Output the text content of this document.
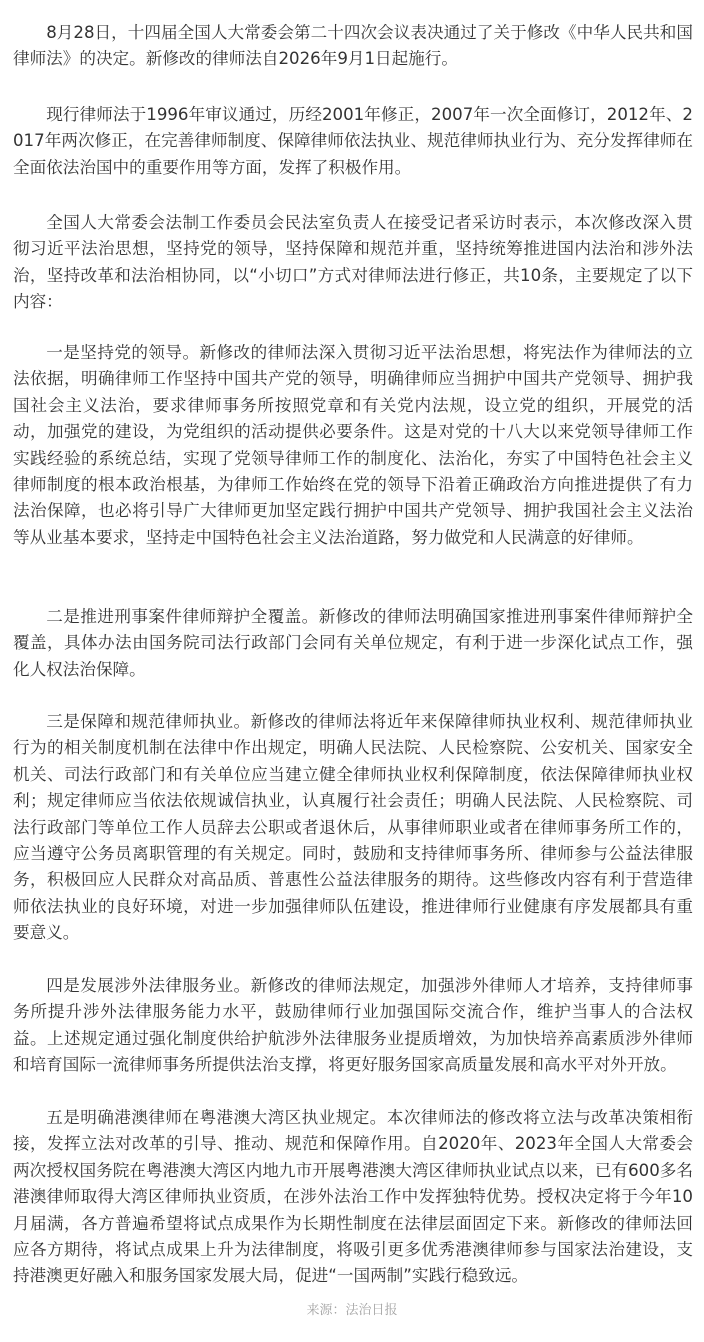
8月28日，十四届全国人大常委会第二十四次会议表决通过了关于修改《中华人民共和国律师法》的决定。新修改的律师法自2026年9月1日起施行。

现行律师法于1996年审议通过，历经2001年修正，2007年一次全面修订，2012年、2017年两次修正，在完善律师制度、保障律师依法执业、规范律师执业行为、充分发挥律师在全面依法治国中的重要作用等方面，发挥了积极作用。

全国人大常委会法制工作委员会民法室负责人在接受记者采访时表示，本次修改深入贯彻习近平法治思想，坚持党的领导，坚持保障和规范并重，坚持统筹推进国内法治和涉外法治，坚持改革和法治相协同，以“小切口”方式对律师法进行修正，共10条，主要规定了以下内容：

一是坚持党的领导。新修改的律师法深入贯彻习近平法治思想，将宪法作为律师法的立法依据，明确律师工作坚持中国共产党的领导，明确律师应当拥护中国共产党领导、拥护我国社会主义法治，要求律师事务所按照党章和有关党内法规，设立党的组织，开展党的活动，加强党的建设，为党组织的活动提供必要条件。这是对党的十八大以来党领导律师工作实践经验的系统总结，实现了党领导律师工作的制度化、法治化，夯实了中国特色社会主义律师制度的根本政治根基，为律师工作始终在党的领导下沿着正确政治方向推进提供了有力法治保障，也必将引导广大律师更加坚定践行拥护中国共产党领导、拥护我国社会主义法治等从业基本要求，坚持走中国特色社会主义法治道路，努力做党和人民满意的好律师。

二是推进刑事案件律师辩护全覆盖。新修改的律师法明确国家推进刑事案件律师辩护全覆盖，具体办法由国务院司法行政部门会同有关单位规定，有利于进一步深化试点工作，强化人权法治保障。

三是保障和规范律师执业。新修改的律师法将近年来保障律师执业权利、规范律师执业行为的相关制度机制在法律中作出规定，明确人民法院、人民检察院、公安机关、国家安全机关、司法行政部门和有关单位应当建立健全律师执业权利保障制度，依法保障律师执业权利；规定律师应当依法依规诚信执业，认真履行社会责任；明确人民法院、人民检察院、司法行政部门等单位工作人员辞去公职或者退休后，从事律师职业或者在律师事务所工作的，应当遵守公务员离职管理的有关规定。同时，鼓励和支持律师事务所、律师参与公益法律服务，积极回应人民群众对高品质、普惠性公益法律服务的期待。这些修改内容有利于营造律师依法执业的良好环境，对进一步加强律师队伍建设，推进律师行业健康有序发展都具有重要意义。

四是发展涉外法律服务业。新修改的律师法规定，加强涉外律师人才培养，支持律师事务所提升涉外法律服务能力水平，鼓励律师行业加强国际交流合作，维护当事人的合法权益。上述规定通过强化制度供给护航涉外法律服务业提质增效，为加快培养高素质涉外律师和培育国际一流律师事务所提供法治支撑，将更好服务国家高质量发展和高水平对外开放。

五是明确港澳律师在粤港澳大湾区执业规定。本次律师法的修改将立法与改革决策相衔接，发挥立法对改革的引导、推动、规范和保障作用。自2020年、2023年全国人大常委会两次授权国务院在粤港澳大湾区内地九市开展粤港澳大湾区律师执业试点以来，已有600多名港澳律师取得大湾区律师执业资质，在涉外法治工作中发挥独特优势。授权决定将于今年10月届满，各方普遍希望将试点成果作为长期性制度在法律层面固定下来。新修改的律师法回应各方期待，将试点成果上升为法律制度，将吸引更多优秀港澳律师参与国家法治建设，支持港澳更好融入和服务国家发展大局，促进“一国两制”实践行稳致远。

来源：法治日报
